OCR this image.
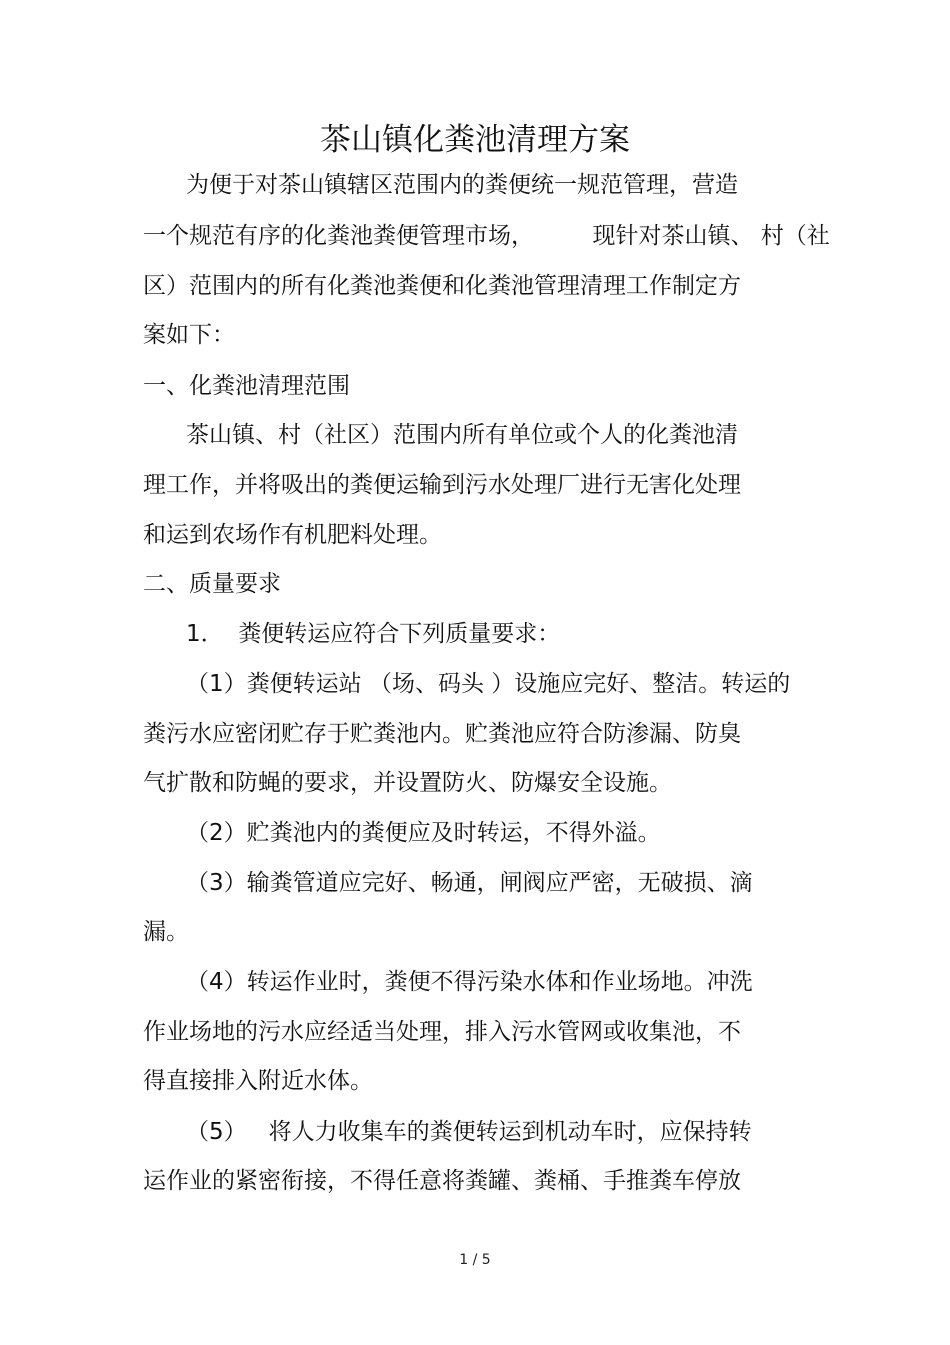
茶山镇化粪池清理方案
为便于对茶山镇辖区范围内的粪便统一规范管理，营造
一个规范有序的化粪池粪便管理市场，        现针对茶山镇、 村（社
区）范围内的所有化粪池粪便和化粪池管理清理工作制定方
案如下：
一、化粪池清理范围
茶山镇、村（社区）范围内所有单位或个人的化粪池清
理工作，并将吸出的粪便运输到污水处理厂进行无害化处理
和运到农场作有机肥料处理。
二、质量要求
1．  粪便转运应符合下列质量要求：
（1）粪便转运站 （场、码头 ）设施应完好、整洁。转运的
粪污水应密闭贮存于贮粪池内。贮粪池应符合防渗漏、防臭
气扩散和防蝇的要求，并设置防火、防爆安全设施。
（2）贮粪池内的粪便应及时转运，不得外溢。
（3）输粪管道应完好、畅通，闸阀应严密，无破损、滴
漏。
（4）转运作业时，粪便不得污染水体和作业场地。冲洗
作业场地的污水应经适当处理，排入污水管网或收集池，不
得直接排入附近水体。
（5）   将人力收集车的粪便转运到机动车时，应保持转
运作业的紧密衔接，不得任意将粪罐、粪桶、手推粪车停放
1 / 5
